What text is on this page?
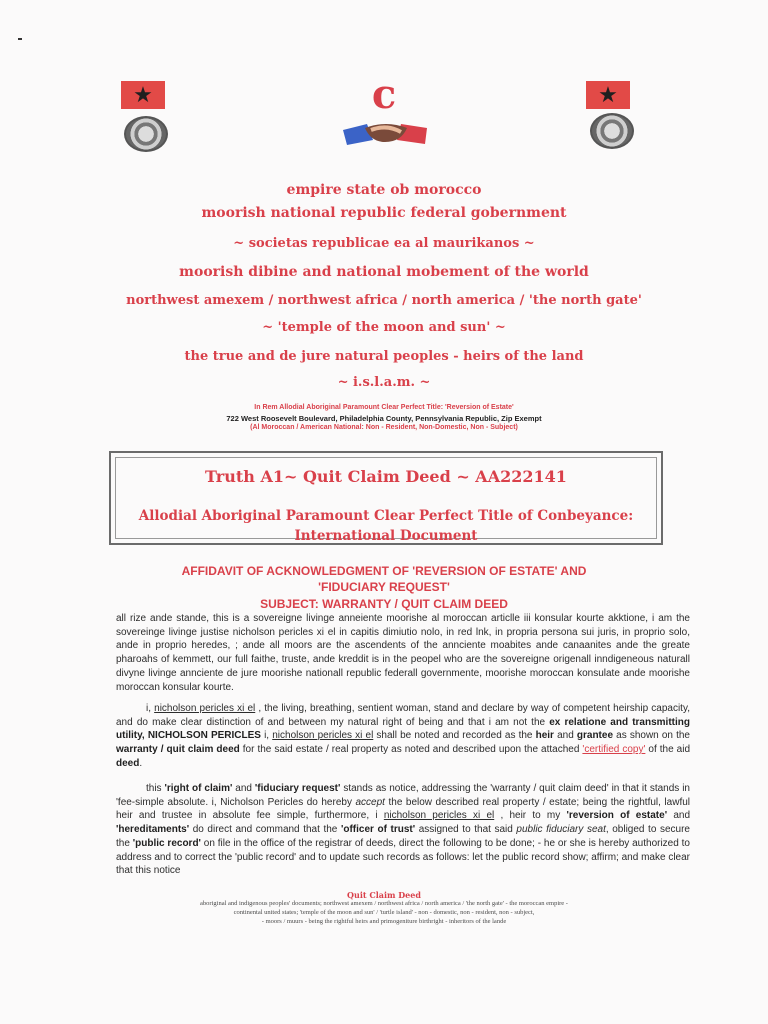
★	★
c
empire state ob morocco
moorish national republic federal gobernment
~ societas republicae ea al maurikanos ~
moorish dibine and national mobement of the world
northwest amexem / northwest africa / north america / 'the north gate'
~ 'temple of the moon and sun' ~
the true and de jure natural peoples - heirs of the land
~ i.s.l.a.m. ~
In Rem Allodial Aboriginal Paramount Clear Perfect Title: 'Reversion of Estate'
722 West Roosevelt Boulevard, Philadelphia County, Pennsylvania Republic, Zip Exempt
(Al Moroccan / American National: Non - Resident, Non-Domestic, Non - Subject)
Truth A1~ Quit Claim Deed ~ AA222141
Allodial Aboriginal Paramount Clear Perfect Title of Conbeyance:
International Document
AFFIDAVIT OF ACKNOWLEDGMENT OF 'REVERSION OF ESTATE' AND
'FIDUCIARY REQUEST'
SUBJECT: WARRANTY / QUIT CLAIM DEED
all rize ande stande, this is a sovereigne livinge anneiente moorishe al moroccan articlle iii konsular kourte akktione, i am the sovereinge livinge justise nicholson pericles xi el in capitis dimiutio nolo, in red lnk, in propria persona sui juris, in proprio solo, ande in proprio heredes, ; ande all moors are the ascendents of the annciente moabites ande canaanites ande the greate pharoahs of kemmett, our full faithe, truste, ande kreddit is in the peopel who are the sovereigne origenall inndigeneous naturall divyne livinge annciente de jure moorishe nationall republic federall governmente, moorishe moroccan konsulate ande moorishe moroccan konsular kourte.
i, nicholson pericles xi el , the living, breathing, sentient woman, stand and declare by way of competent heirship capacity, and do make clear distinction of and between my natural right of being and that i am not the ex relatione and transmitting utility, NICHOLSON PERICLES i, nicholson pericles xi el shall be noted and recorded as the heir and grantee as shown on the warranty / quit claim deed for the said estate / real property as noted and described upon the attached 'certified copy' of the aid deed.
this 'right of claim' and 'fiduciary request' stands as notice, addressing the 'warranty / quit claim deed' in that it stands in 'fee-simple absolute. i, Nicholson Pericles do hereby accept the below described real property / estate; being the rightful, lawful heir and trustee in absolute fee simple, furthermore, i nicholson pericles xi el , heir to my 'reversion of estate' and 'hereditaments' do direct and command that the 'officer of trust' assigned to that said public fiduciary seat, obliged to secure the 'public record' on file in the office of the registrar of deeds, direct the following to be done; - he or she is hereby authorized to address and to correct the 'public record' and to update such records as follows: let the public record show; affirm; and make clear that this notice
Quit Claim Deed
aboriginal and indigenous peoples' documents; northwest amexem / northwest africa / north america / 'the north gate' - the moroccan empire -
continental united states; 'temple of the moon and sun' / 'turtle island' - non - domestic, non - resident, non - subject,
- moors / muurs - being the rightful heirs and primogeniture birthright - inheritors of the lande
